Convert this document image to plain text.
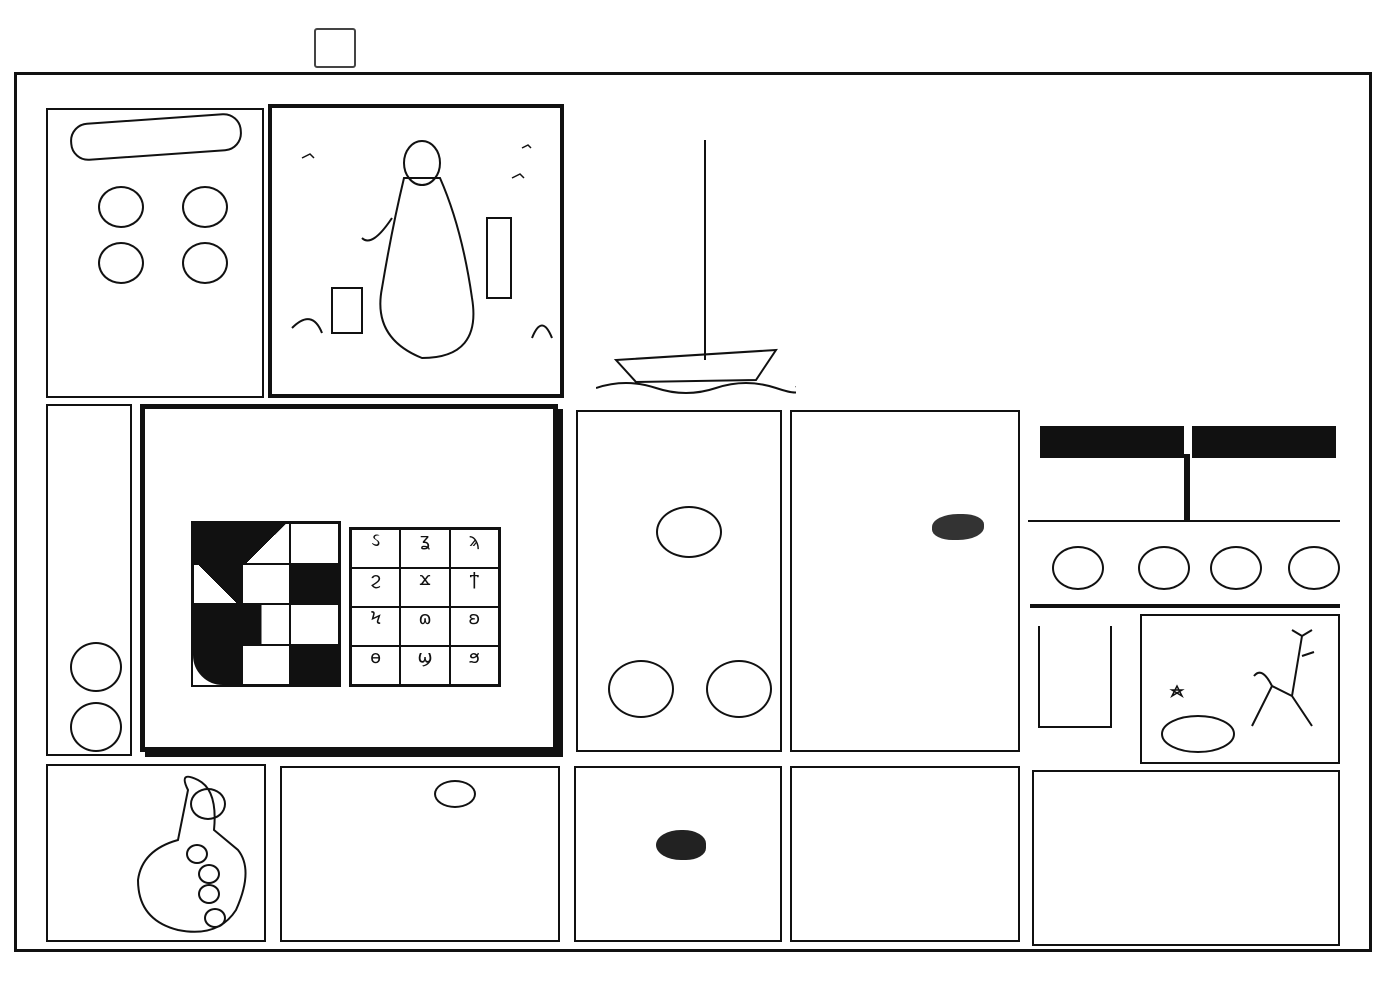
ઽ	ʓ	ϡ
ϩ	ϫ	ϯ
Ϟ	ɷ	ʚ
ɵ	ϣ	ϧ
